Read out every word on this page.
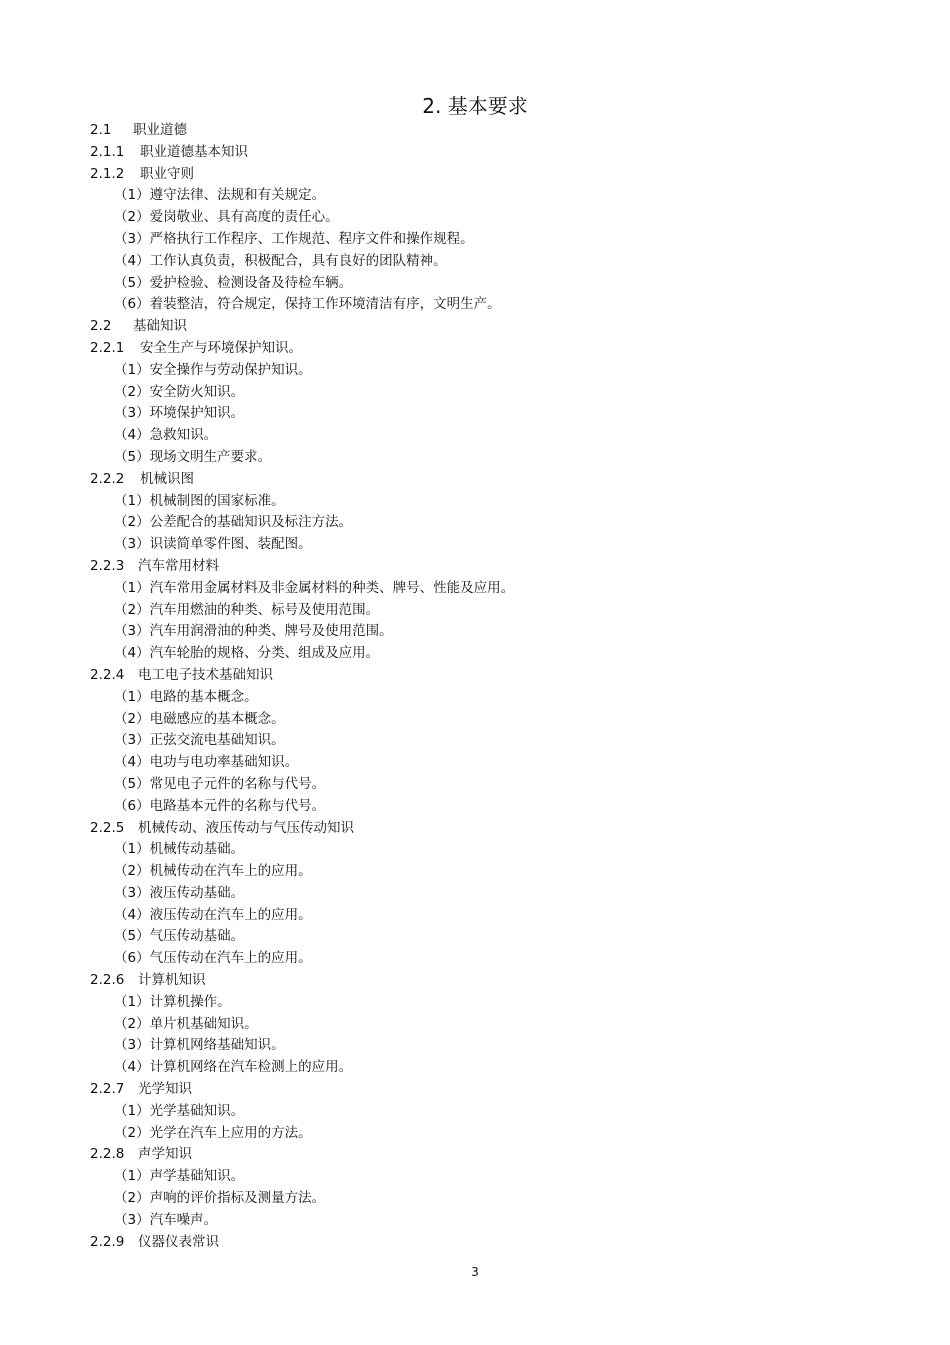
2. 基本要求
2.1 职业道德
2.1.1 职业道德基本知识
2.1.2 职业守则
（1）遵守法律、法规和有关规定。
（2）爱岗敬业、具有高度的责任心。
（3）严格执行工作程序、工作规范、程序文件和操作规程。
（4）工作认真负责，积极配合，具有良好的团队精神。
（5）爱护检验、检测设备及待检车辆。
（6）着装整洁，符合规定，保持工作环境清洁有序，文明生产。
2.2 基础知识
2.2.1 安全生产与环境保护知识。
（1）安全操作与劳动保护知识。
（2）安全防火知识。
（3）环境保护知识。
（4）急救知识。
（5）现场文明生产要求。
2.2.2 机械识图
（1）机械制图的国家标准。
（2）公差配合的基础知识及标注方法。
（3）识读简单零件图、装配图。
2.2.3 汽车常用材料
（1）汽车常用金属材料及非金属材料的种类、牌号、性能及应用。
（2）汽车用燃油的种类、标号及使用范围。
（3）汽车用润滑油的种类、牌号及使用范围。
（4）汽车轮胎的规格、分类、组成及应用。
2.2.4 电工电子技术基础知识
（1）电路的基本概念。
（2）电磁感应的基本概念。
（3）正弦交流电基础知识。
（4）电功与电功率基础知识。
（5）常见电子元件的名称与代号。
（6）电路基本元件的名称与代号。
2.2.5 机械传动、液压传动与气压传动知识
（1）机械传动基础。
（2）机械传动在汽车上的应用。
（3）液压传动基础。
（4）液压传动在汽车上的应用。
（5）气压传动基础。
（6）气压传动在汽车上的应用。
2.2.6 计算机知识
（1）计算机操作。
（2）单片机基础知识。
（3）计算机网络基础知识。
（4）计算机网络在汽车检测上的应用。
2.2.7 光学知识
（1）光学基础知识。
（2）光学在汽车上应用的方法。
2.2.8 声学知识
（1）声学基础知识。
（2）声响的评价指标及测量方法。
（3）汽车噪声。
2.2.9 仪器仪表常识
3
